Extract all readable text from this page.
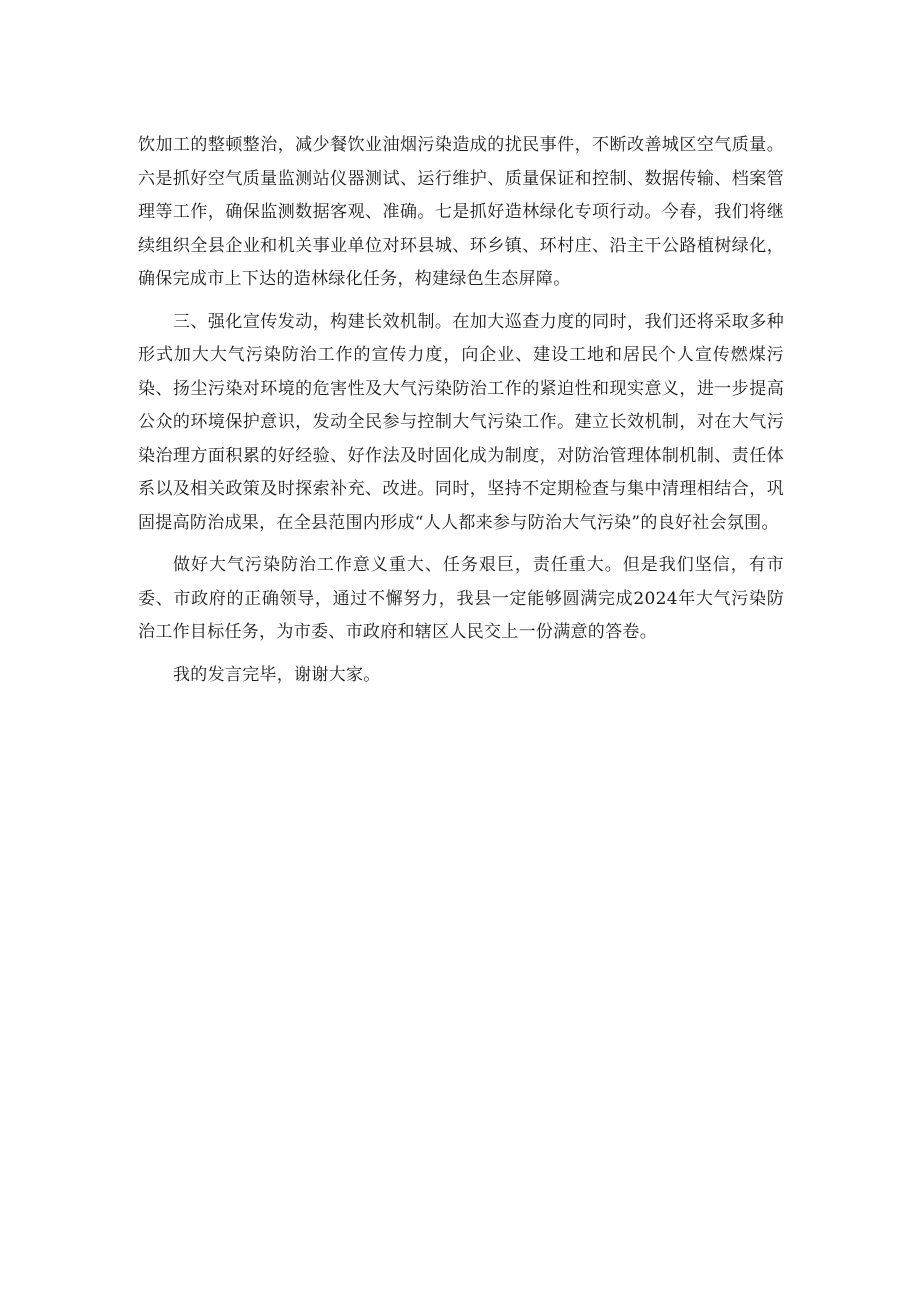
饮加工的整顿整治，减少餐饮业油烟污染造成的扰民事件，不断改善城区空气质量。六是抓好空气质量监测站仪器测试、运行维护、质量保证和控制、数据传输、档案管理等工作，确保监测数据客观、准确。七是抓好造林绿化专项行动。今春，我们将继续组织全县企业和机关事业单位对环县城、环乡镇、环村庄、沿主干公路植树绿化，确保完成市上下达的造林绿化任务，构建绿色生态屏障。

三、强化宣传发动，构建长效机制。在加大巡查力度的同时，我们还将采取多种形式加大大气污染防治工作的宣传力度，向企业、建设工地和居民个人宣传燃煤污染、扬尘污染对环境的危害性及大气污染防治工作的紧迫性和现实意义，进一步提高公众的环境保护意识，发动全民参与控制大气污染工作。建立长效机制，对在大气污染治理方面积累的好经验、好作法及时固化成为制度，对防治管理体制机制、责任体系以及相关政策及时探索补充、改进。同时，坚持不定期检查与集中清理相结合，巩固提高防治成果，在全县范围内形成“人人都来参与防治大气污染”的良好社会氛围。

做好大气污染防治工作意义重大、任务艰巨，责任重大。但是我们坚信，有市委、市政府的正确领导，通过不懈努力，我县一定能够圆满完成2024年大气污染防治工作目标任务，为市委、市政府和辖区人民交上一份满意的答卷。

我的发言完毕，谢谢大家。
